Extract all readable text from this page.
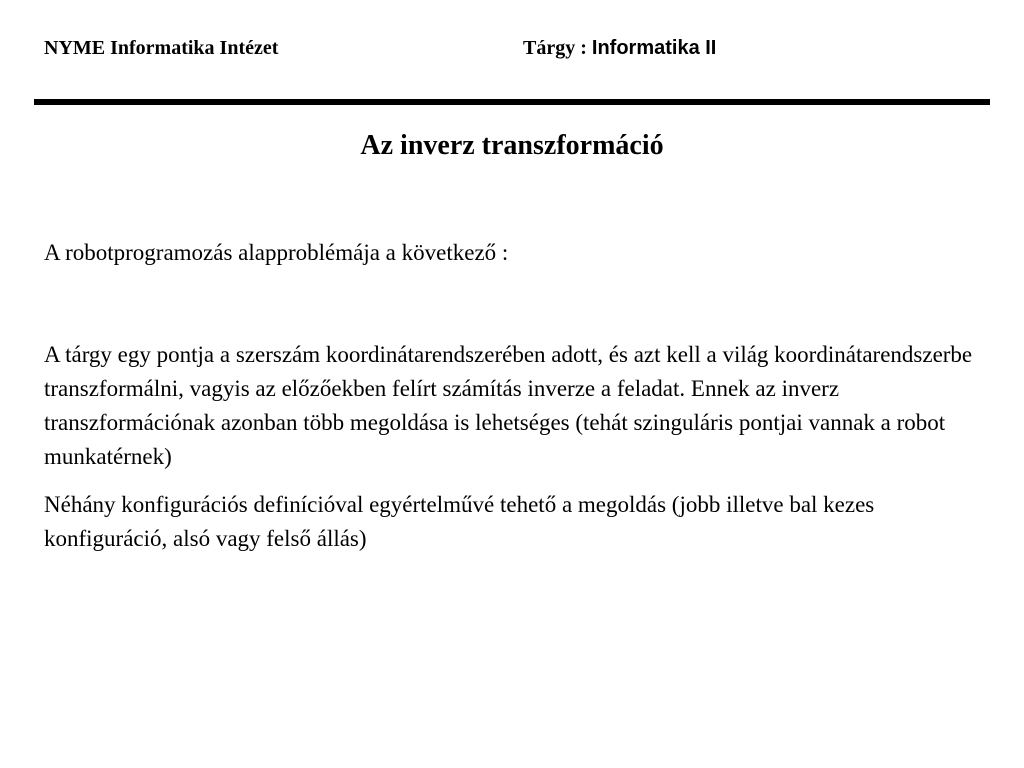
NYME Informatika Intézet	Tárgy : Informatika II
Az inverz transzformáció

A robotprogramozás alapproblémája a következő :

A tárgy egy pontja a szerszám koordinátarendszerében adott, és azt kell a világ koordinátarendszerbe transzformálni, vagyis az előzőekben felírt számítás inverze a feladat. Ennek az inverz transzformációnak azonban több megoldása is lehetséges (tehát szinguláris pontjai vannak a robot munkatérnek)

Néhány konfigurációs definícióval egyértelművé tehető a megoldás (jobb illetve bal kezes konfiguráció, alsó vagy felső állás)
